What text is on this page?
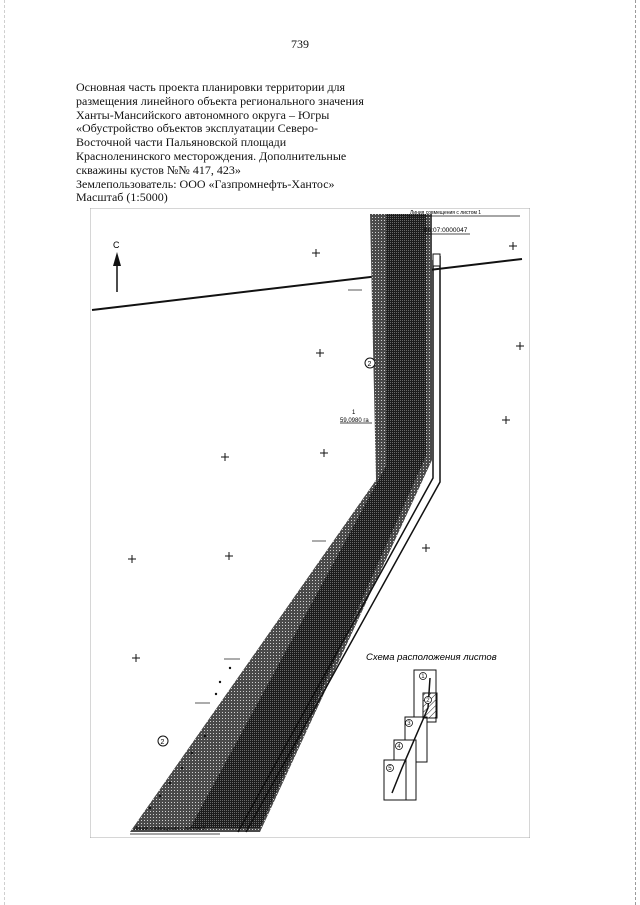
739
Основная часть проекта планировки территории для
размещения линейного объекта регионального значения
Ханты-Мансийского автономного округа – Югры
«Обустройство объектов эксплуатации Северо-
Восточной части Пальяновской площади
Красноленинского месторождения. Дополнительные
скважины кустов №№ 417, 423»
Землепользователь: ООО «Газпромнефть-Хантос»
Масштаб (1:5000)
С
Линия совмещения с листом 1
Линия совмещения с листом 3
86:07:0000047
2
2
1
59,0980 га
Схема расположения листов
1
2
3
4
5
